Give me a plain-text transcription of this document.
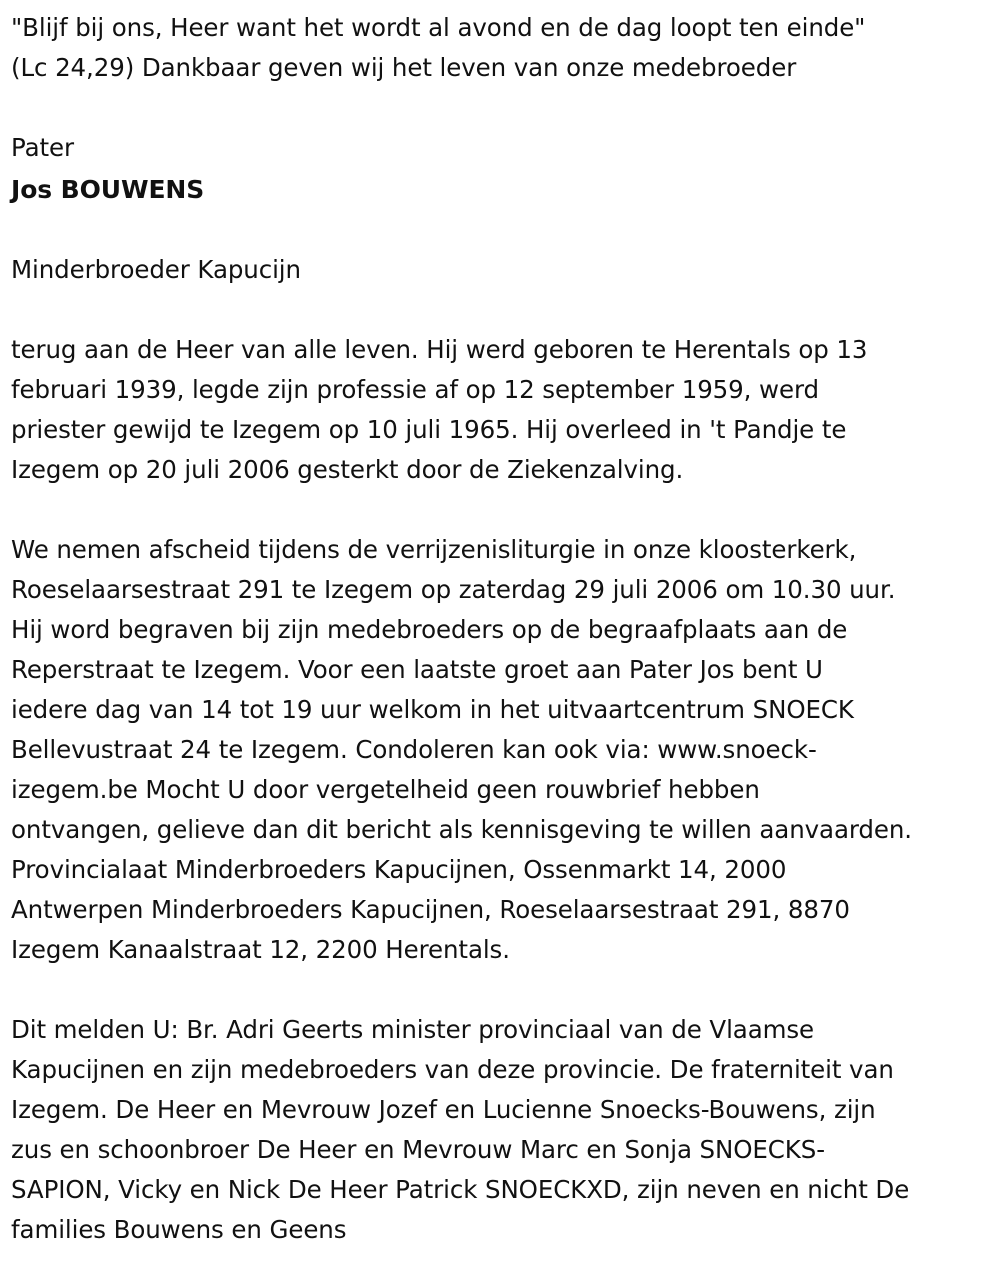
"Blijf bij ons, Heer want het wordt al avond en de dag loopt ten einde"
(Lc 24,29) Dankbaar geven wij het leven van onze medebroeder
Pater
Jos BOUWENS
Minderbroeder Kapucijn
terug aan de Heer van alle leven. Hij werd geboren te Herentals op 13
februari 1939, legde zijn professie af op 12 september 1959, werd
priester gewijd te Izegem op 10 juli 1965. Hij overleed in 't Pandje te
Izegem op 20 juli 2006 gesterkt door de Ziekenzalving.
We nemen afscheid tijdens de verrijzenisliturgie in onze kloosterkerk,
Roeselaarsestraat 291 te Izegem op zaterdag 29 juli 2006 om 10.30 uur.
Hij word begraven bij zijn medebroeders op de begraafplaats aan de
Reperstraat te Izegem. Voor een laatste groet aan Pater Jos bent U
iedere dag van 14 tot 19 uur welkom in het uitvaartcentrum SNOECK
Bellevustraat 24 te Izegem. Condoleren kan ook via: www.snoeck-
izegem.be Mocht U door vergetelheid geen rouwbrief hebben
ontvangen, gelieve dan dit bericht als kennisgeving te willen aanvaarden.
Provincialaat Minderbroeders Kapucijnen, Ossenmarkt 14, 2000
Antwerpen Minderbroeders Kapucijnen, Roeselaarsestraat 291, 8870
Izegem Kanaalstraat 12, 2200 Herentals.
Dit melden U: Br. Adri Geerts minister provinciaal van de Vlaamse
Kapucijnen en zijn medebroeders van deze provincie. De fraterniteit van
Izegem. De Heer en Mevrouw Jozef en Lucienne Snoecks-Bouwens, zijn
zus en schoonbroer De Heer en Mevrouw Marc en Sonja SNOECKS-
SAPION, Vicky en Nick De Heer Patrick SNOECKXD, zijn neven en nicht De
families Bouwens en Geens
